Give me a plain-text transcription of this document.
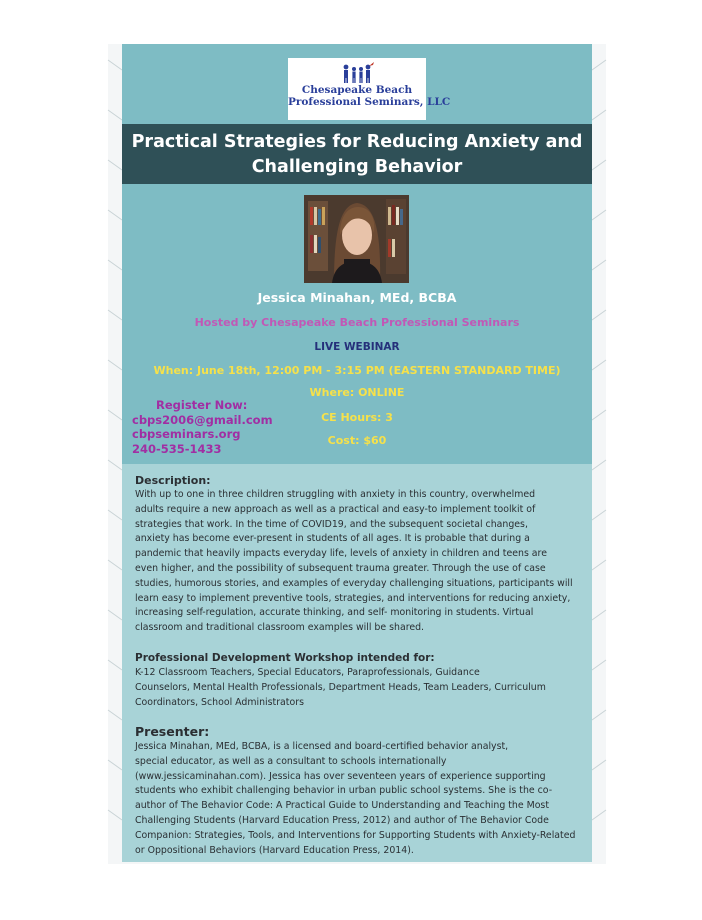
Chesapeake Beach
Professional Seminars, LLC
Practical Strategies for Reducing Anxiety and
Challenging Behavior
Jessica Minahan, MEd, BCBA
Hosted by Chesapeake Beach Professional Seminars
LIVE WEBINAR
When: June 18th, 12:00 PM - 3:15 PM (EASTERN STANDARD TIME)
Where: ONLINE
CE Hours: 3
Cost: $60
Register Now:
cbps2006@gmail.com
cbpseminars.org
240-535-1433
Description:
With up to one in three children struggling with anxiety in this country, overwhelmed
adults require a new approach as well as a practical and easy-to implement toolkit of
strategies that work. In the time of COVID19, and the subsequent societal changes,
anxiety has become ever-present in students of all ages. It is probable that during a
pandemic that heavily impacts everyday life, levels of anxiety in children and teens are
even higher, and the possibility of subsequent trauma greater. Through the use of case
studies, humorous stories, and examples of everyday challenging situations, participants will
learn easy to implement preventive tools, strategies, and interventions for reducing anxiety,
increasing self-regulation, accurate thinking, and self- monitoring in students. Virtual
classroom and traditional classroom examples will be shared.
Professional Development Workshop intended for:
K-12 Classroom Teachers, Special Educators, Paraprofessionals, Guidance
Counselors, Mental Health Professionals, Department Heads, Team Leaders, Curriculum
Coordinators, School Administrators
Presenter:
Jessica Minahan, MEd, BCBA, is a licensed and board-certified behavior analyst,
special educator, as well as a consultant to schools internationally
(www.jessicaminahan.com). Jessica has over seventeen years of experience supporting
students who exhibit challenging behavior in urban public school systems. She is the co-
author of The Behavior Code: A Practical Guide to Understanding and Teaching the Most
Challenging Students (Harvard Education Press, 2012) and author of The Behavior Code
Companion: Strategies, Tools, and Interventions for Supporting Students with Anxiety-Related
or Oppositional Behaviors (Harvard Education Press, 2014).
